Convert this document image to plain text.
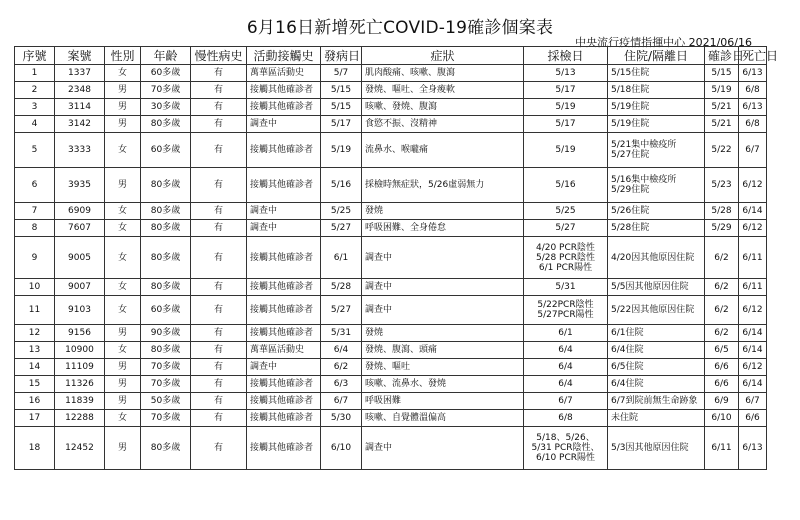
6月16日新增死亡COVID-19確診個案表
中央流行疫情指揮中心 2021/06/16
序號	案號	性別	年齡	慢性病史	活動接觸史	發病日	症狀	採檢日	住院/隔離日	確診日	死亡日
1	1337	女	60多歲	有	萬華區活動史	5/7	肌肉酸痛、咳嗽、腹瀉	5/13	5/15住院	5/15	6/13
2	2348	男	70多歲	有	接觸其他確診者	5/15	發燒、嘔吐、全身痠軟	5/17	5/18住院	5/19	6/8
3	3114	男	30多歲	有	接觸其他確診者	5/15	咳嗽、發燒、腹瀉	5/19	5/19住院	5/21	6/13
4	3142	男	80多歲	有	調查中	5/17	食慾不振、沒精神	5/17	5/19住院	5/21	6/8
5	3333	女	60多歲	有	接觸其他確診者	5/19	流鼻水、喉嚨痛	5/19	5/21集中檢疫所
5/27住院	5/22	6/7
6	3935	男	80多歲	有	接觸其他確診者	5/16	採檢時無症狀，5/26虛弱無力	5/16	5/16集中檢疫所
5/29住院	5/23	6/12
7	6909	女	80多歲	有	調查中	5/25	發燒	5/25	5/26住院	5/28	6/14
8	7607	女	80多歲	有	調查中	5/27	呼吸困難、全身倦怠	5/27	5/28住院	5/29	6/12
9	9005	女	80多歲	有	接觸其他確診者	6/1	調查中	4/20 PCR陰性
5/28 PCR陰性
6/1 PCR陽性	4/20因其他原因住院	6/2	6/11
10	9007	女	80多歲	有	接觸其他確診者	5/28	調查中	5/31	5/5因其他原因住院	6/2	6/11
11	9103	女	60多歲	有	接觸其他確診者	5/27	調查中	5/22PCR陰性
5/27PCR陽性	5/22因其他原因住院	6/2	6/12
12	9156	男	90多歲	有	接觸其他確診者	5/31	發燒	6/1	6/1住院	6/2	6/14
13	10900	女	80多歲	有	萬華區活動史	6/4	發燒、腹瀉、頭痛	6/4	6/4住院	6/5	6/14
14	11109	男	70多歲	有	調查中	6/2	發燒、嘔吐	6/4	6/5住院	6/6	6/12
15	11326	男	70多歲	有	接觸其他確診者	6/3	咳嗽、流鼻水、發燒	6/4	6/4住院	6/6	6/14
16	11839	男	50多歲	有	接觸其他確診者	6/7	呼吸困難	6/7	6/7到院前無生命跡象	6/9	6/7
17	12288	女	70多歲	有	接觸其他確診者	5/30	咳嗽、自覺體溫偏高	6/8	未住院	6/10	6/6
18	12452	男	80多歲	有	接觸其他確診者	6/10	調查中	5/18、5/26、
5/31 PCR陰性、
6/10 PCR陽性	5/3因其他原因住院	6/11	6/13
